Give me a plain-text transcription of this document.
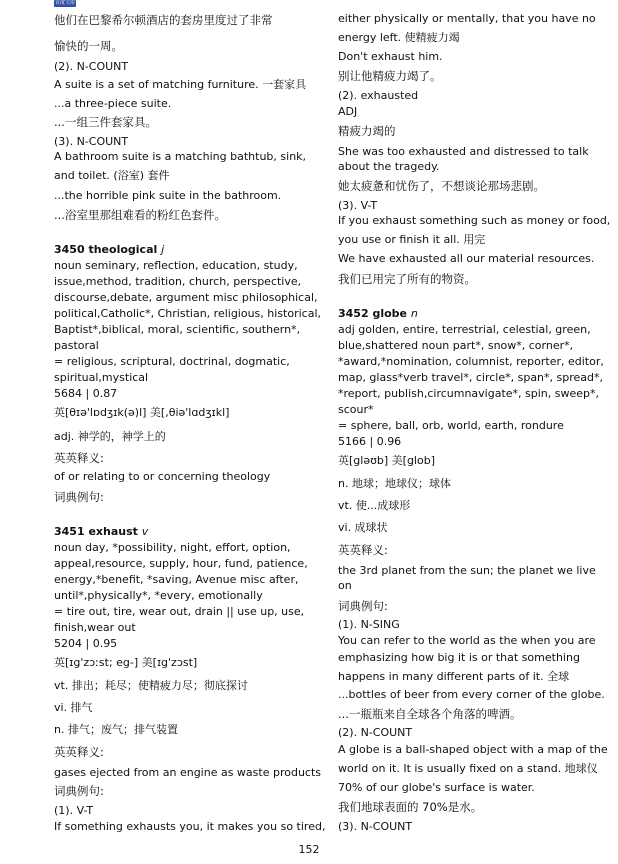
百度文库
他们在巴黎希尔顿酒店的套房里度过了非常
愉快的一周。
(2). N-COUNT
A suite is a set of matching furniture. 一套家具
...a three-piece suite.
...一组三件套家具。
(3). N-COUNT
A bathroom suite is a matching bathtub, sink,
and toilet. (浴室) 套件
...the horrible pink suite in the bathroom.
...浴室里那组难看的粉红色套件。
3450 theological j
noun seminary, reflection, education, study,
issue,method, tradition, church, perspective,
discourse,debate, argument misc philosophical,
political,Catholic*, Christian, religious, historical,
Baptist*,biblical, moral, scientific, southern*,
pastoral
= religious, scriptural, doctrinal, dogmatic,
spiritual,mystical
5684 | 0.87
英[θɪə'lɒdʒɪk(ə)l] 美[,θiə'lɑdʒɪkl]
adj. 神学的，神学上的
英英释义:
of or relating to or concerning theology
词典例句:
3451 exhaust v
noun day, *possibility, night, effort, option,
appeal,resource, supply, hour, fund, patience,
energy,*benefit, *saving, Avenue misc after,
until*,physically*, *every, emotionally
= tire out, tire, wear out, drain || use up, use,
finish,wear out
5204 | 0.95
英[ɪg'zɔːst; eg-] 美[ɪg'zɔst]
vt. 排出；耗尽；使精疲力尽；彻底探讨
vi. 排气
n. 排气；废气；排气装置
英英释义:
gases ejected from an engine as waste products
词典例句:
(1). V-T
If something exhausts you, it makes you so tired,
either physically or mentally, that you have no
energy left. 使精疲力竭
Don't exhaust him.
别让他精疲力竭了。
(2). exhausted
ADJ
精疲力竭的
She was too exhausted and distressed to talk
about the tragedy.
她太疲惫和忧伤了，不想谈论那场悲剧。
(3). V-T
If you exhaust something such as money or food,
you use or finish it all. 用完
We have exhausted all our material resources.
我们已用完了所有的物资。
3452 globe n
adj golden, entire, terrestrial, celestial, green,
blue,shattered noun part*, snow*, corner*,
*award,*nomination, columnist, reporter, editor,
map, glass*verb travel*, circle*, span*, spread*,
*report, publish,circumnavigate*, spin, sweep*,
scour*
= sphere, ball, orb, world, earth, rondure
5166 | 0.96
英[gləʊb] 美[glob]
n. 地球；地球仪；球体
vt. 使...成球形
vi. 成球状
英英释义:
the 3rd planet from the sun; the planet we live
on
词典例句:
(1). N-SING
You can refer to the world as the when you are
emphasizing how big it is or that something
happens in many different parts of it. 全球
...bottles of beer from every corner of the globe.
...一瓶瓶来自全球各个角落的啤酒。
(2). N-COUNT
A globe is a ball-shaped object with a map of the
world on it. It is usually fixed on a stand. 地球仪
70% of our globe's surface is water.
我们地球表面的 70%是水。
(3). N-COUNT
152
